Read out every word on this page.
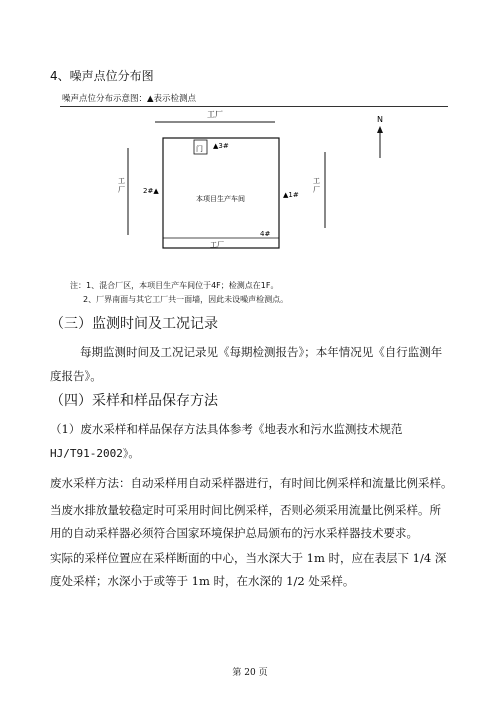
4、噪声点位分布图
噪声点位分布示意图：▲表示检测点
工厂
门 ▲3#
本项目生产车间
2#▲	▲1#
4#
工厂
工
厂
工
厂
N
注：1、混合厂区，本项目生产车间位于4F；检测点在1F。
2、厂界南面与其它工厂共一面墙，因此未设噪声检测点。
（三）监测时间及工况记录
每期监测时间及工况记录见《每期检测报告》；本年情况见《自行监测年
度报告》。
（四）采样和样品保存方法
（1）废水采样和样品保存方法具体参考《地表水和污水监测技术规范
HJ/T91-2002》。
废水采样方法：自动采样用自动采样器进行，有时间比例采样和流量比例采样。
当废水排放量较稳定时可采用时间比例采样，否则必须采用流量比例采样。所
用的自动采样器必须符合国家环境保护总局颁布的污水采样器技术要求。
实际的采样位置应在采样断面的中心，当水深大于 1m 时，应在表层下 1/4 深
度处采样；水深小于或等于 1m 时，在水深的 1/2 处采样。
第 20 页
